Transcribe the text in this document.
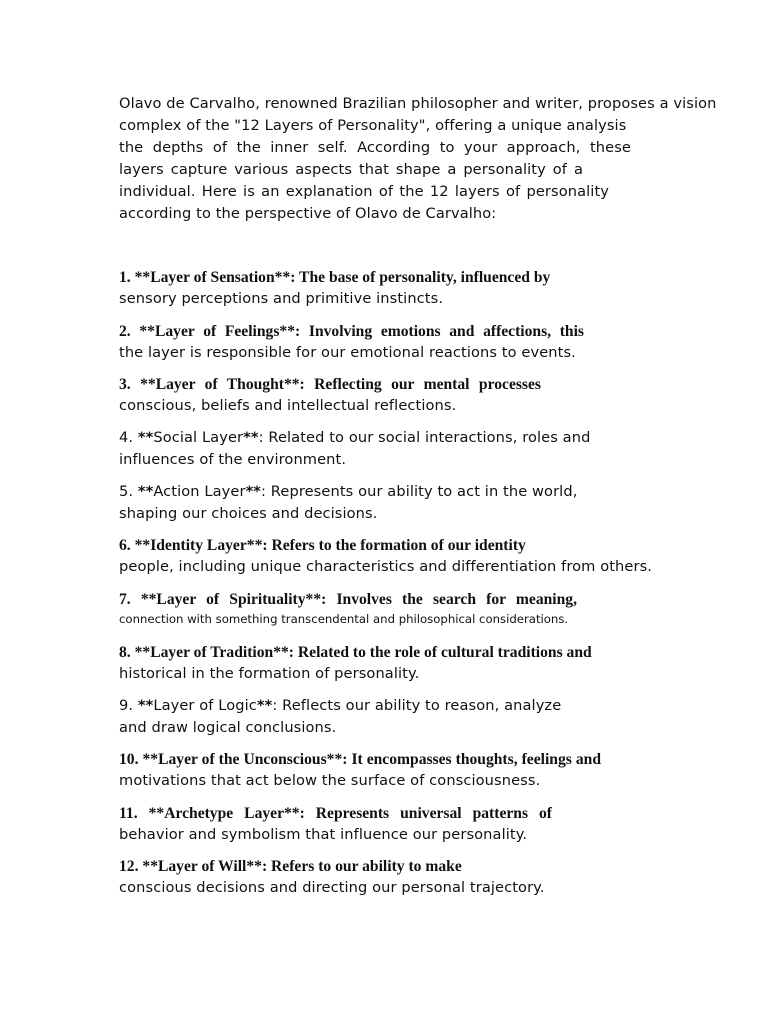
Olavo de Carvalho, renowned Brazilian philosopher and writer, proposes a vision
complex of the "12 Layers of Personality", offering a unique analysis
the depths of the inner self. According to your approach, these
layers capture various aspects that shape a personality of a
individual. Here is an explanation of the 12 layers of personality
according to the perspective of Olavo de Carvalho:
1. **Layer of Sensation**: The base of personality, influenced by
sensory perceptions and primitive instincts.
2. **Layer of Feelings**: Involving emotions and affections, this
the layer is responsible for our emotional reactions to events.
3. **Layer of Thought**: Reflecting our mental processes
conscious, beliefs and intellectual reflections.
4. **Social Layer**: Related to our social interactions, roles and
influences of the environment.
5. **Action Layer**: Represents our ability to act in the world,
shaping our choices and decisions.
6. **Identity Layer**: Refers to the formation of our identity
people, including unique characteristics and differentiation from others.
7. **Layer of Spirituality**: Involves the search for meaning,
connection with something transcendental and philosophical considerations.
8. **Layer of Tradition**: Related to the role of cultural traditions and
historical in the formation of personality.
9. **Layer of Logic**: Reflects our ability to reason, analyze
and draw logical conclusions.
10. **Layer of the Unconscious**: It encompasses thoughts, feelings and
motivations that act below the surface of consciousness.
11. **Archetype Layer**: Represents universal patterns of
behavior and symbolism that influence our personality.
12. **Layer of Will**: Refers to our ability to make
conscious decisions and directing our personal trajectory.
